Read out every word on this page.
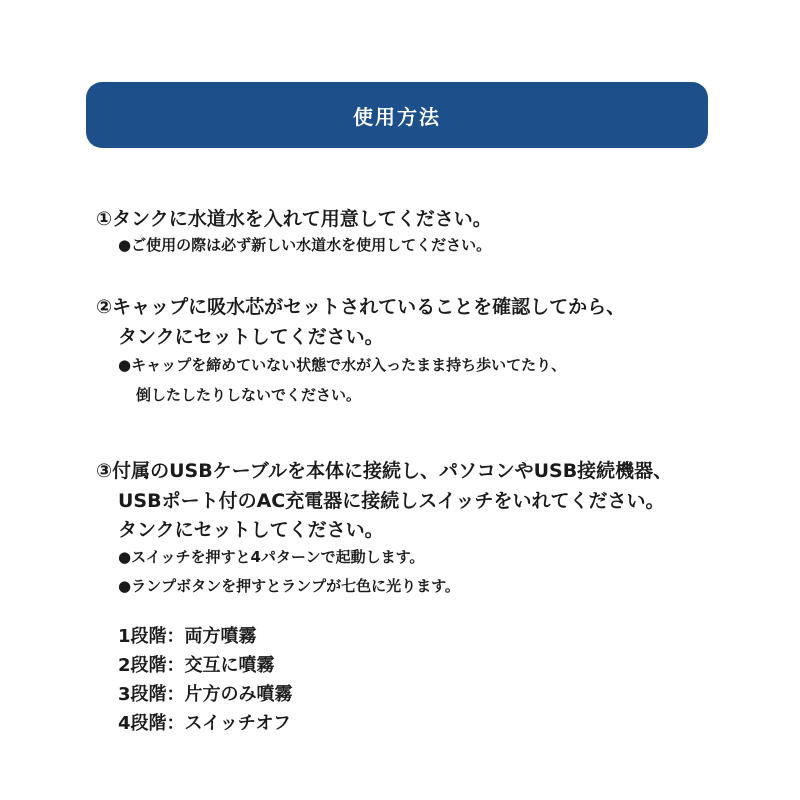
使用方法
①タンクに水道水を入れて用意してください。
●ご使用の際は必ず新しい水道水を使用してください。
②キャップに吸水芯がセットされていることを確認してから、
タンクにセットしてください。
●キャップを締めていない状態で水が入ったまま持ち歩いてたり、
倒したしたりしないでください。
③付属のUSBケーブルを本体に接続し、パソコンやUSB接続機器、
USBポート付のAC充電器に接続しスイッチをいれてください。
タンクにセットしてください。
●スイッチを押すと4パターンで起動します。
●ランプボタンを押すとランプが七色に光ります。
1段階：両方噴霧
2段階：交互に噴霧
3段階：片方のみ噴霧
4段階：スイッチオフ
